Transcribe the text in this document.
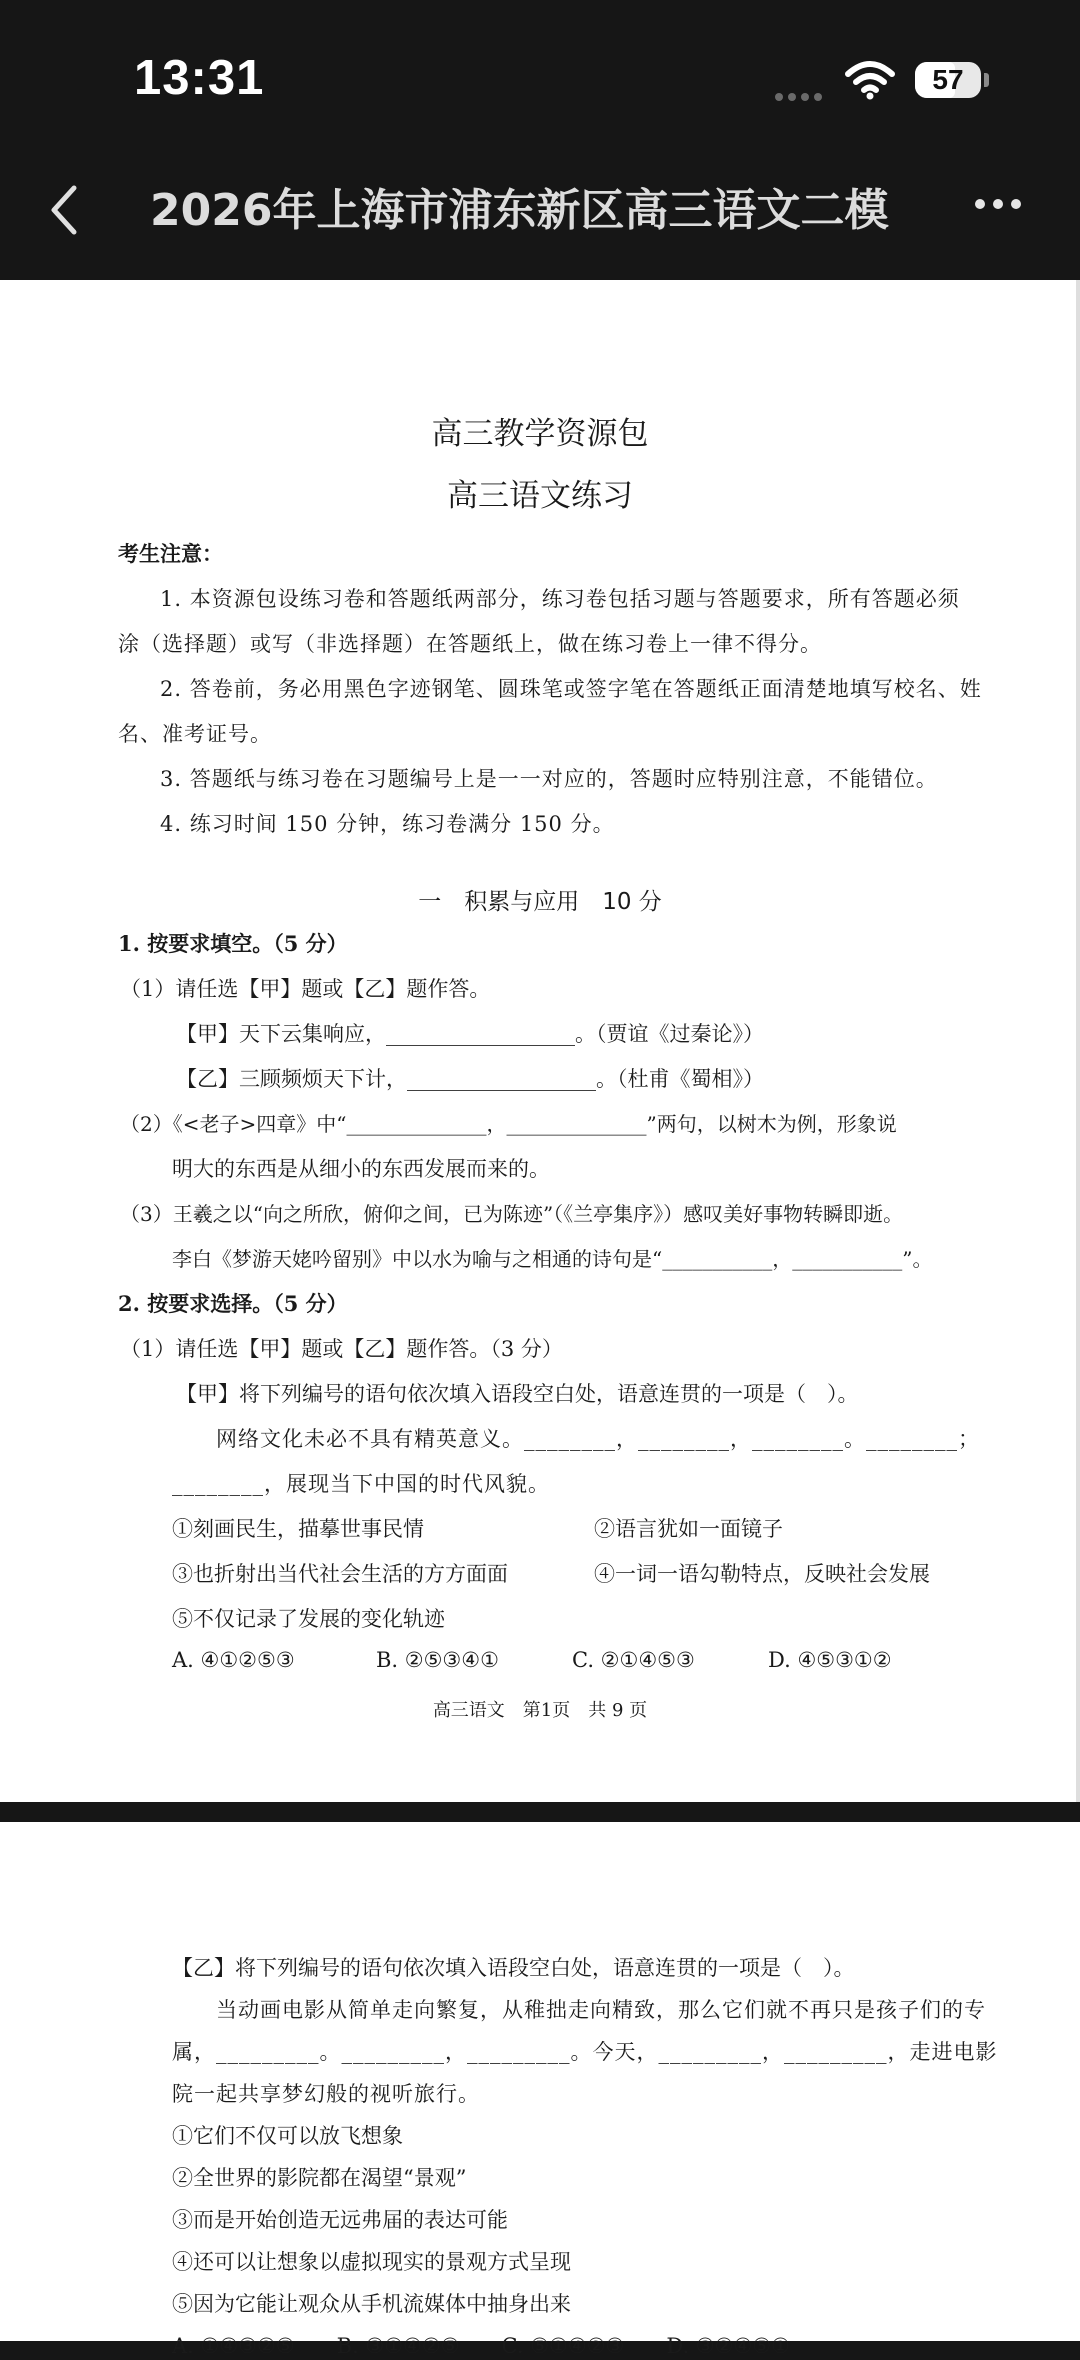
13:31	57
2026年上海市浦东新区高三语文二模
高三教学资源包
高三语文练习
考生注意：
1. 本资源包设练习卷和答题纸两部分，练习卷包括习题与答题要求，所有答题必须
涂（选择题）或写（非选择题）在答题纸上，做在练习卷上一律不得分。
2. 答卷前，务必用黑色字迹钢笔、圆珠笔或签字笔在答题纸正面清楚地填写校名、姓
名、准考证号。
3. 答题纸与练习卷在习题编号上是一一对应的，答题时应特别注意，不能错位。
4. 练习时间 150 分钟，练习卷满分 150 分。
一　积累与应用　10 分
1. 按要求填空。（5 分）
（1）请任选【甲】题或【乙】题作答。
【甲】天下云集响应，__________________。（贾谊《过秦论》）
【乙】三顾频烦天下计，__________________。（杜甫《蜀相》）
（2）《<老子>四章》中“______________，______________”两句，以树木为例，形象说
明大的东西是从细小的东西发展而来的。
（3）王羲之以“向之所欣，俯仰之间，已为陈迹”（《兰亭集序》）感叹美好事物转瞬即逝。
李白《梦游天姥吟留别》中以水为喻与之相通的诗句是“___________，___________”。
2. 按要求选择。（5 分）
（1）请任选【甲】题或【乙】题作答。（3 分）
【甲】将下列编号的语句依次填入语段空白处，语意连贯的一项是（　）。
网络文化未必不具有精英意义。________，________，________。________；
________，展现当下中国的时代风貌。
①刻画民生，描摹世事民情	②语言犹如一面镜子
③也折射出当代社会生活的方方面面	④一词一语勾勒特点，反映社会发展
⑤不仅记录了发展的变化轨迹
A. ④①②⑤③	B. ②⑤③④①	C. ②①④⑤③	D. ④⑤③①②
高三语文　第1页　共 9 页
【乙】将下列编号的语句依次填入语段空白处，语意连贯的一项是（　）。
当动画电影从简单走向繁复，从稚拙走向精致，那么它们就不再只是孩子们的专
属，_________。_________，_________。今天，_________，_________，走进电影
院一起共享梦幻般的视听旅行。
①它们不仅可以放飞想象
②全世界的影院都在渴望“景观”
③而是开始创造无远弗届的表达可能
④还可以让想象以虚拟现实的景观方式呈现
⑤因为它能让观众从手机流媒体中抽身出来
A. ①④③②⑤　　B. ③①④②⑤　　C. ⑤①④②③　　D. ③②④⑤①
